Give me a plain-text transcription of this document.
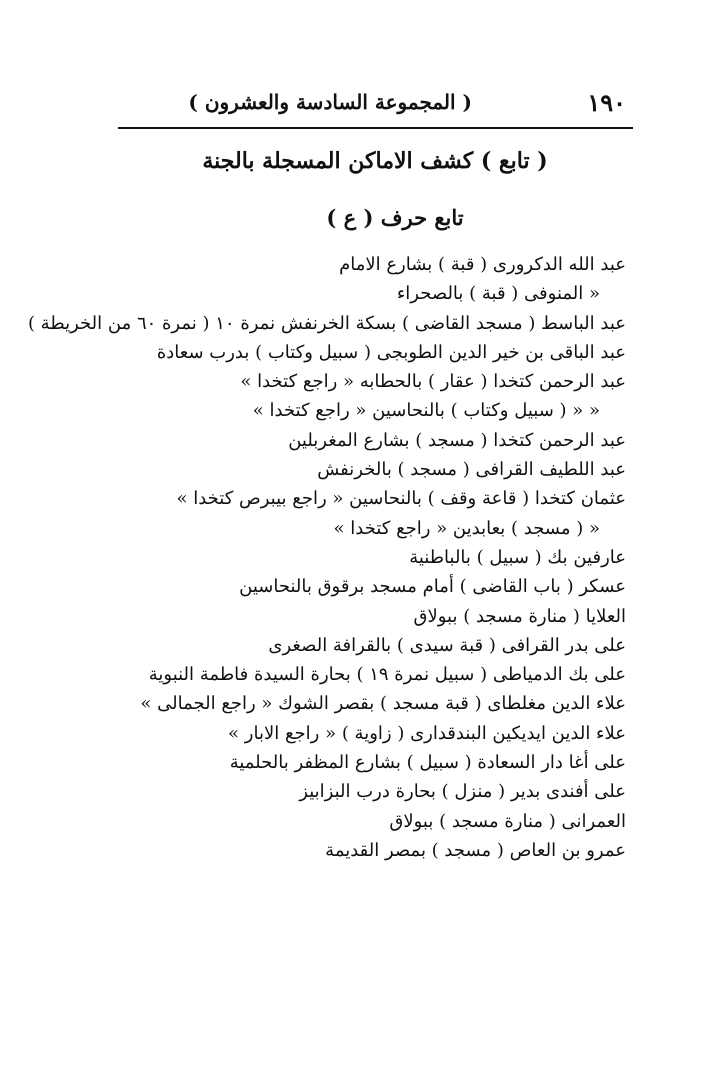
١٩٠
( المجموعة السادسة والعشرون )
( تابع ) كشف الاماكن المسجلة بالجنة
تابع حرف ( ع )
عبد الله الدكرورى ( قبة ) بشارع الامام
« المنوفى ( قبة ) بالصحراء
عبد الباسط ( مسجد القاضى ) بسكة الخرنفش نمرة ١٠ ( نمرة ٦٠ من الخريطة )
عبد الباقى بن خير الدين الطوبجى ( سبيل وكتاب ) بدرب سعادة
عبد الرحمن كتخدا ( عقار ) بالحطابه « راجع كتخدا »
« « ( سبيل وكتاب ) بالنحاسين « راجع كتخدا »
عبد الرحمن كتخدا ( مسجد ) بشارع المغربلين
عبد اللطيف القرافى ( مسجد ) بالخرنفش
عثمان كتخدا ( قاعة وقف ) بالنحاسين « راجع بيبرص كتخدا »
« ( مسجد ) بعابدين « راجع كتخدا »
عارفين بك ( سبيل ) بالباطنية
عسكر ( باب القاضى ) أمام مسجد برقوق بالنحاسين
العلايا ( منارة مسجد ) ببولاق
على بدر القرافى ( قبة سيدى ) بالقرافة الصغرى
على بك الدمياطى ( سبيل نمرة ١٩ ) بحارة السيدة فاطمة النبوية
علاء الدين مغلطاى ( قبة مسجد ) بقصر الشوك « راجع الجمالى »
علاء الدين ايديكين البندقدارى ( زاوية ) « راجع الابار »
على أغا دار السعادة ( سبيل ) بشارع المظفر بالحلمية
على أفندى بدير ( منزل ) بحارة درب البزابيز
العمرانى ( منارة مسجد ) ببولاق
عمرو بن العاص ( مسجد ) بمصر القديمة
